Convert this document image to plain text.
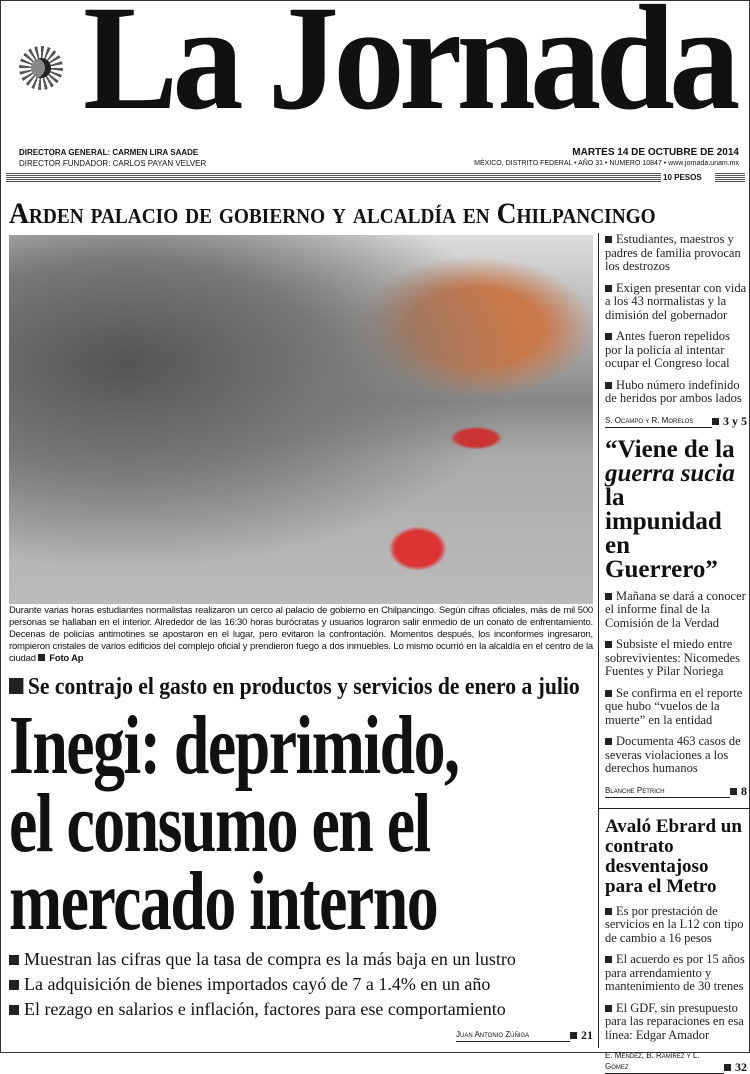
La Jornada
DIRECTORA GENERAL: CARMEN LIRA SAADE
DIRECTOR FUNDADOR: CARLOS PAYAN VELVER
MARTES 14 DE OCTUBRE DE 2014
MÉXICO, DISTRITO FEDERAL • AÑO 31 • NÚMERO 10847 • www.jornada.unam.mx
10 PESOS
Arden palacio de gobierno y alcaldía en Chilpancingo
Durante varias horas estudiantes normalistas realizaron un cerco al palacio de gobierno en Chilpancingo. Según cifras oficiales, más de mil 500 personas se hallaban en el interior. Alrededor de las 16:30 horas burócratas y usuarios lograron salir enmedio de un conato de enfrentamiento. Decenas de policías antimotines se apostaron en el lugar, pero evitaron la confrontación. Momentos después, los inconformes ingresaron, rompieron cristales de varios edificios del complejo oficial y prendieron fuego a dos inmuebles. Lo mismo ocurrió en la alcaldía en el centro de la ciudad Foto Ap
Se contrajo el gasto en productos y servicios de enero a julio
Inegi: deprimido,
el consumo en el
mercado interno
Muestran las cifras que la tasa de compra es la más baja en un lustro
La adquisición de bienes importados cayó de 7 a 1.4% en un año
El rezago en salarios e inflación, factores para ese comportamiento
Juan Antonio Zúñiga	21
Estudiantes, maestros y padres de familia provocan los destrozos
Exigen presentar con vida a los 43 normalistas y la dimisión del gobernador
Antes fueron repelidos por la policía al intentar ocupar el Congreso local
Hubo número indefinido de heridos por ambos lados
S. Ocampo y R. Morelos	3 y 5
“Viene de la
guerra sucia
la impunidad
en Guerrero”
Mañana se dará a conocer el informe final de la Comisión de la Verdad
Subsiste el miedo entre sobrevivientes: Nicomedes Fuentes y Pilar Noriega
Se confirma en el reporte que hubo “vuelos de la muerte” en la entidad
Documenta 463 casos de severas violaciones a los derechos humanos
Blanche Petrich	8
Avaló Ebrard un contrato desventajoso para el Metro
Es por prestación de servicios en la L12 con tipo de cambio a 16 pesos
El acuerdo es por 15 años para arrendamiento y mantenimiento de 30 trenes
El GDF, sin presupuesto para las reparaciones en esa línea: Edgar Amador
E. Méndez, B. Ramírez y L. Gómez	32
